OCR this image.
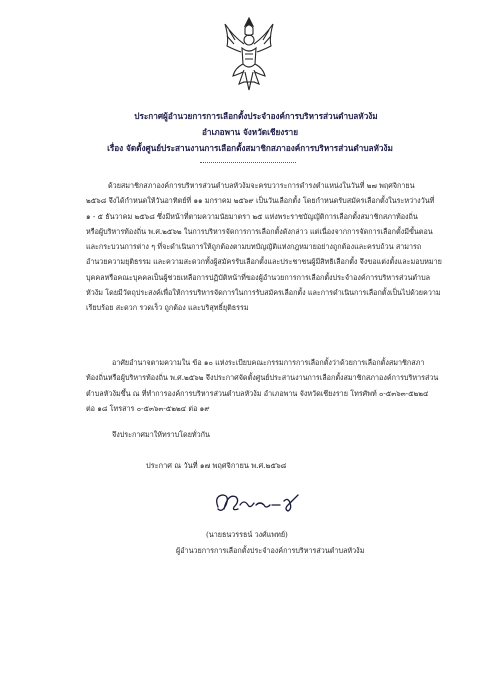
ประกาศผู้อำนวยการการเลือกตั้งประจำองค์การบริหารส่วนตำบลหัวง้ม
อำเภอพาน จังหวัดเชียงราย
เรื่อง จัดตั้งศูนย์ประสานงานการเลือกตั้งสมาชิกสภาองค์การบริหารส่วนตำบลหัวง้ม

ด้วยสมาชิกสภาองค์การบริหารส่วนตำบลหัวง้มจะครบวาระการดำรงตำแหน่งในวันที่ ๒๗ พฤศจิกายน

๒๕๖๘ จึงได้กำหนดให้วันอาทิตย์ที่ ๑๑ มกราคม ๒๕๖๙ เป็นวันเลือกตั้ง โดยกำหนดรับสมัครเลือกตั้งในระหว่างวันที่

๑ - ๕ ธันวาคม ๒๕๖๘ ซึ่งมีหน้าที่ตามความนัยมาตรา ๒๕ แห่งพระราชบัญญัติการเลือกตั้งสมาชิกสภาท้องถิ่น

หรือผู้บริหารท้องถิ่น พ.ศ.๒๕๖๒ ในการบริหารจัดการการเลือกตั้งดังกล่าว แต่เนื่องจากการจัดการเลือกตั้งมีขั้นตอน

และกระบวนการต่าง ๆ ที่จะดำเนินการให้ถูกต้องตามบทบัญญัติแห่งกฎหมายอย่างถูกต้องและครบถ้วน สามารถ

อำนวยความยุติธรรม และความสะดวกทั้งผู้สมัครรับเลือกตั้งและประชาชนผู้มีสิทธิเลือกตั้ง จึงขอแต่งตั้งและมอบหมาย

บุคคลหรือคณะบุคคลเป็นผู้ช่วยเหลือการปฏิบัติหน้าที่ของผู้อำนวยการการเลือกตั้งประจำองค์การบริหารส่วนตำบล

หัวง้ม โดยมีวัตถุประสงค์เพื่อให้การบริหารจัดการในการรับสมัครเลือกตั้ง และการดำเนินการเลือกตั้งเป็นไปด้วยความ

เรียบร้อย สะดวก รวดเร็ว ถูกต้อง และบริสุทธิ์ยุติธรรม

อาศัยอำนาจตามความใน ข้อ ๑๐ แห่งระเบียบคณะกรรมการการเลือกตั้งว่าด้วยการเลือกตั้งสมาชิกสภา

ท้องถิ่นหรือผู้บริหารท้องถิ่น พ.ศ.๒๕๖๒ จึงประกาศจัดตั้งศูนย์ประสานงานการเลือกตั้งสมาชิกสภาองค์การบริหารส่วน

ตำบลหัวง้มขึ้น ณ ที่ทำการองค์การบริหารส่วนตำบลหัวง้ม อำเภอพาน จังหวัดเชียงราย โทรศัพท์ ๐-๕๓๖๓-๕๒๒๔

ต่อ ๑๘ โทรสาร ๐-๕๓๖๓-๕๒๒๔ ต่อ ๑๙

จึงประกาศมาให้ทราบโดยทั่วกัน
ประกาศ ณ วันที่ ๑๗ พฤศจิกายน พ.ศ.๒๕๖๘
(นายธนวรรธน์ วงศ์แพทย์)
ผู้อำนวยการการเลือกตั้งประจำองค์การบริหารส่วนตำบลหัวง้ม
